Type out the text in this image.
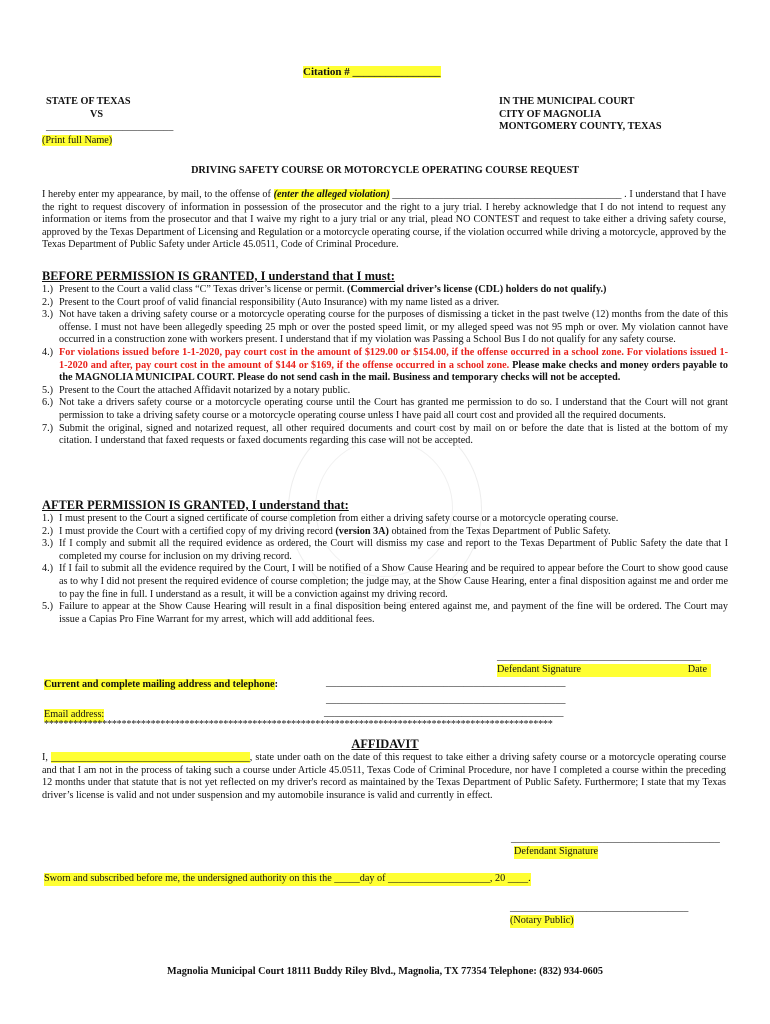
Citation # ________________
STATE OF TEXAS
VS
_________________________
(Print full Name)
IN THE MUNICIPAL COURT
CITY OF MAGNOLIA
MONTGOMERY COUNTY, TEXAS
DRIVING SAFETY COURSE OR MOTORCYCLE OPERATING COURSE REQUEST
I hereby enter my appearance, by mail, to the offense of (enter the alleged violation) _____________________________________________ . I understand that I have the right to request discovery of information in possession of the prosecutor and the right to a jury trial. I hereby acknowledge that I do not intend to request any information or items from the prosecutor and that I waive my right to a jury trial or any trial, plead NO CONTEST and request to take either a driving safety course, approved by the Texas Department of Licensing and Regulation or a motorcycle operating course, if the violation occurred while driving a motorcycle, approved by the Texas Department of Public Safety under Article 45.0511, Code of Criminal Procedure.
BEFORE PERMISSION IS GRANTED, I understand that I must:
1.) Present to the Court a valid class “C” Texas driver’s license or permit. (Commercial driver’s license (CDL) holders do not qualify.)
2.) Present to the Court proof of valid financial responsibility (Auto Insurance) with my name listed as a driver.
3.) Not have taken a driving safety course or a motorcycle operating course for the purposes of dismissing a ticket in the past twelve (12) months from the date of this offense. I must not have been allegedly speeding 25 mph or over the posted speed limit, or my alleged speed was not 95 mph or over. My violation cannot have occurred in a construction zone with workers present. I understand that if my violation was Passing a School Bus I do not qualify for any safety course.
4.) For violations issued before 1-1-2020, pay court cost in the amount of $129.00 or $154.00, if the offense occurred in a school zone. For violations issued 1-1-2020 and after, pay court cost in the amount of $144 or $169, if the offense occurred in a school zone. Please make checks and money orders payable to the MAGNOLIA MUNICIPAL COURT. Please do not send cash in the mail. Business and temporary checks will not be accepted.
5.) Present to the Court the attached Affidavit notarized by a notary public.
6.) Not take a drivers safety course or a motorcycle operating course until the Court has granted me permission to do so. I understand that the Court will not grant permission to take a driving safety course or a motorcycle operating course unless I have paid all court cost and provided all the required documents.
7.) Submit the original, signed and notarized request, all other required documents and court cost by mail on or before the date that is listed at the bottom of my citation. I understand that faxed requests or faxed documents regarding this case will not be accepted.
AFTER PERMISSION IS GRANTED, I understand that:
1.) I must present to the Court a signed certificate of course completion from either a driving safety course or a motorcycle operating course.
2.) I must provide the Court with a certified copy of my driving record (version 3A) obtained from the Texas Department of Public Safety.
3.) If I comply and submit all the required evidence as ordered, the Court will dismiss my case and report to the Texas Department of Public Safety the date that I completed my course for inclusion on my driving record.
4.) If I fail to submit all the evidence required by the Court, I will be notified of a Show Cause Hearing and be required to appear before the Court to show good cause as to why I did not present the required evidence of course completion; the judge may, at the Show Cause Hearing, enter a final disposition against me and order me to pay the fine in full. I understand as a result, it will be a conviction against my driving record.
5.) Failure to appear at the Show Cause Hearing will result in a final disposition being entered against me, and payment of the fine will be ordered. The Court may issue a Capias Pro Fine Warrant for my arrest, which will add additional fees.
________________________________________
Defendant Signature	Date
Current and complete mailing address and telephone:	_______________________________________________
_______________________________________________
Email address:	_______________________________________________
*********************************************************************************************************
AFFIDAVIT
I, _______________________________________, state under oath on the date of this request to take either a driving safety course or a motorcycle operating course and that I am not in the process of taking such a course under Article 45.0511, Texas Code of Criminal Procedure, nor have I completed a course within the preceding 12 months under that statute that is not yet reflected on my driver's record as maintained by the Texas Department of Public Safety. Furthermore; I state that my Texas driver’s license is valid and not under suspension and my automobile insurance is valid and currently in effect.
_________________________________________
Defendant Signature
Sworn and subscribed before me, the undersigned authority on this the _____day of ____________________, 20 ____.
___________________________________
(Notary Public)
Magnolia Municipal Court 18111 Buddy Riley Blvd., Magnolia, TX 77354 Telephone: (832) 934-0605
